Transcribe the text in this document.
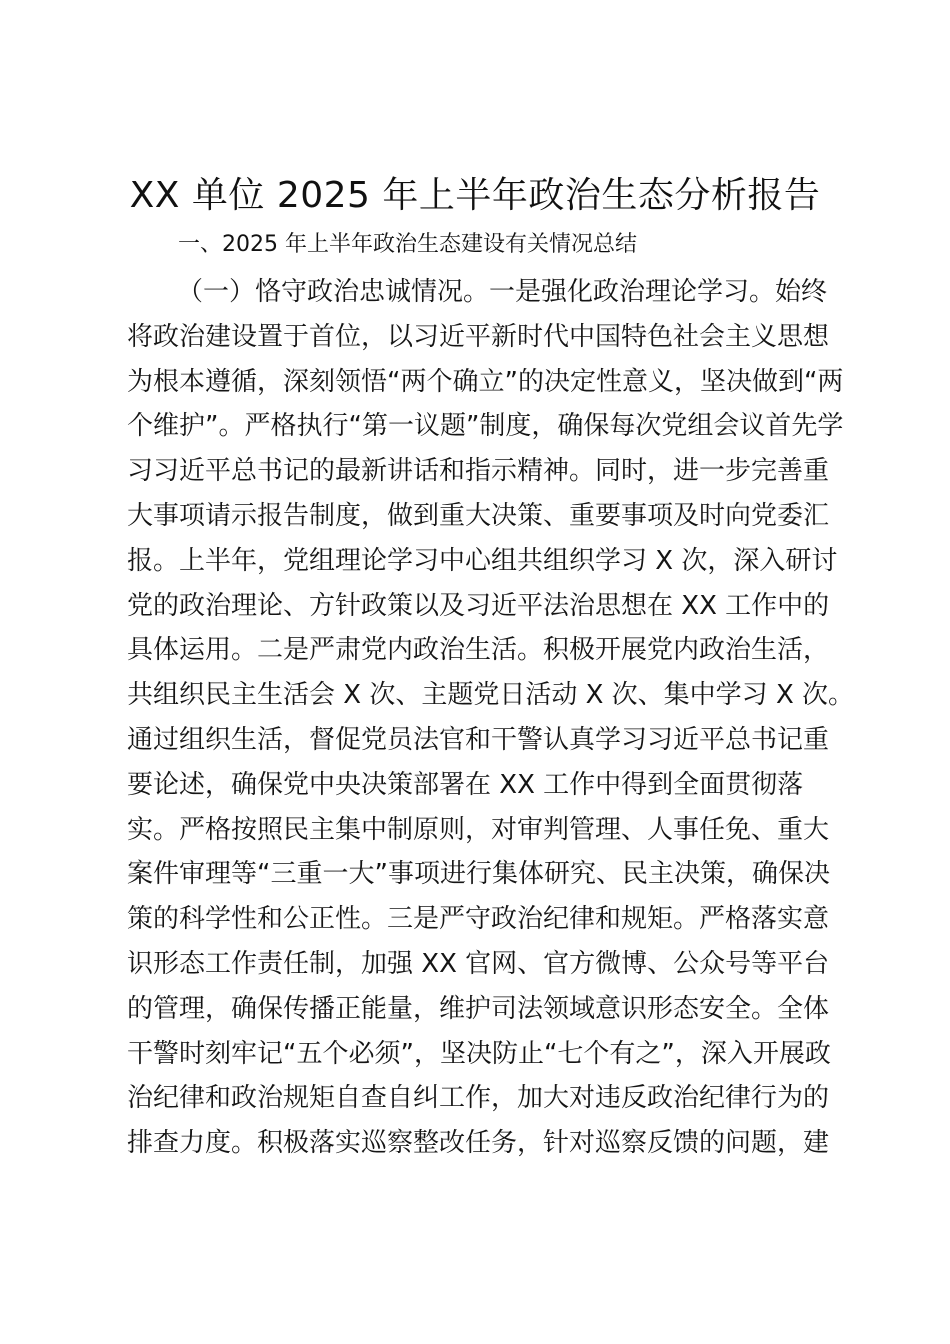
XX 单位 2025 年上半年政治生态分析报告
一、2025 年上半年政治生态建设有关情况总结
（一）恪守政治忠诚情况。一是强化政治理论学习。始终
将政治建设置于首位，以习近平新时代中国特色社会主义思想
为根本遵循，深刻领悟“两个确立”的决定性意义，坚决做到“两
个维护”。严格执行“第一议题”制度，确保每次党组会议首先学
习习近平总书记的最新讲话和指示精神。同时，进一步完善重
大事项请示报告制度，做到重大决策、重要事项及时向党委汇
报。上半年，党组理论学习中心组共组织学习 X 次，深入研讨
党的政治理论、方针政策以及习近平法治思想在 XX 工作中的
具体运用。二是严肃党内政治生活。积极开展党内政治生活，
共组织民主生活会 X 次、主题党日活动 X 次、集中学习 X 次。
通过组织生活，督促党员法官和干警认真学习习近平总书记重
要论述，确保党中央决策部署在 XX 工作中得到全面贯彻落
实。严格按照民主集中制原则，对审判管理、人事任免、重大
案件审理等“三重一大”事项进行集体研究、民主决策，确保决
策的科学性和公正性。三是严守政治纪律和规矩。严格落实意
识形态工作责任制，加强 XX 官网、官方微博、公众号等平台
的管理，确保传播正能量，维护司法领域意识形态安全。全体
干警时刻牢记“五个必须”，坚决防止“七个有之”，深入开展政
治纪律和政治规矩自查自纠工作，加大对违反政治纪律行为的
排查力度。积极落实巡察整改任务，针对巡察反馈的问题，建
